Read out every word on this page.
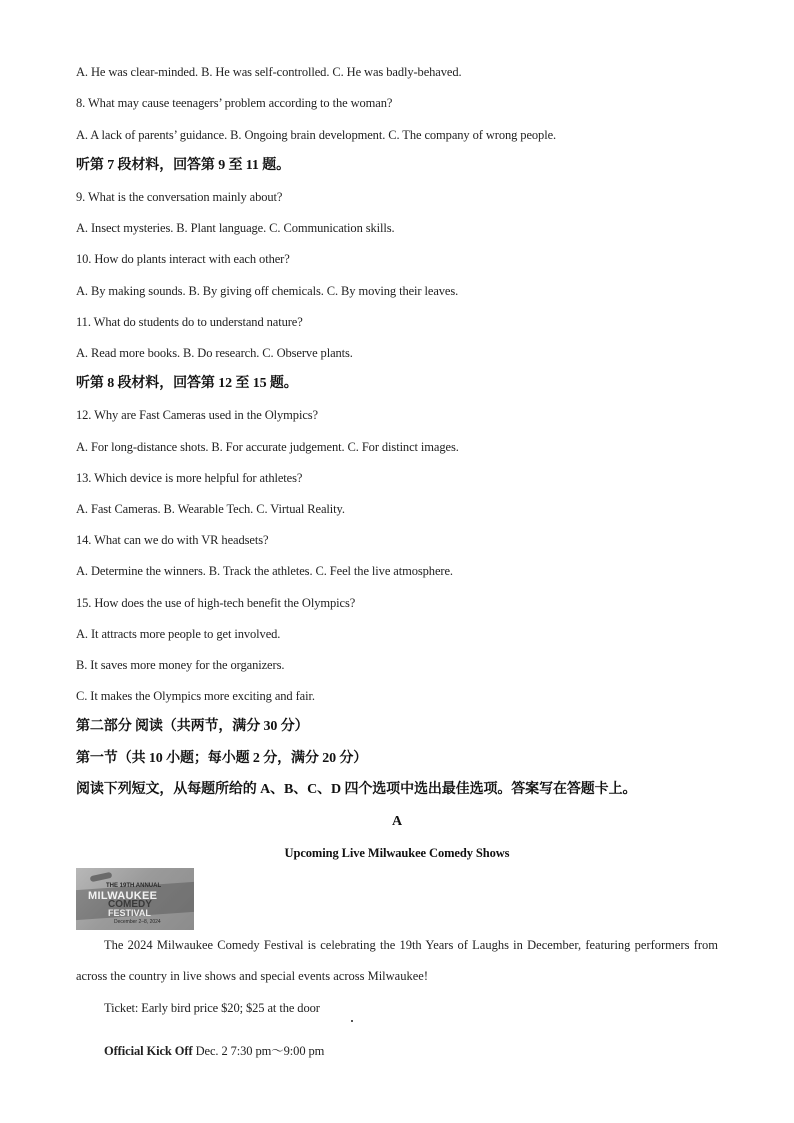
A. He was clear-minded. B. He was self-controlled. C. He was badly-behaved.
8. What may cause teenagers’ problem according to the woman?
A. A lack of parents’ guidance. B. Ongoing brain development. C. The company of wrong people.
听第 7 段材料，回答第 9 至 11 题。
9. What is the conversation mainly about?
A. Insect mysteries. B. Plant language. C. Communication skills.
10. How do plants interact with each other?
A. By making sounds. B. By giving off chemicals. C. By moving their leaves.
11. What do students do to understand nature?
A. Read more books. B. Do research. C. Observe plants.
听第 8 段材料，回答第 12 至 15 题。
12. Why are Fast Cameras used in the Olympics?
A. For long-distance shots. B. For accurate judgement. C. For distinct images.
13. Which device is more helpful for athletes?
A. Fast Cameras. B. Wearable Tech. C. Virtual Reality.
14. What can we do with VR headsets?
A. Determine the winners. B. Track the athletes. C. Feel the live atmosphere.
15. How does the use of high-tech benefit the Olympics?
A. It attracts more people to get involved.
B. It saves more money for the organizers.
C. It makes the Olympics more exciting and fair.
第二部分 阅读（共两节，满分 30 分）
第一节（共 10 小题；每小题 2 分，满分 20 分）
阅读下列短文，从每题所给的 A、B、C、D 四个选项中选出最佳选项。答案写在答题卡上。
A
Upcoming Live Milwaukee Comedy Shows
THE 19TH ANNUAL
MILWAUKEE
COMEDY
FESTIVAL
December 2–8, 2024
The 2024 Milwaukee Comedy Festival is celebrating the 19th Years of Laughs in December, featuring performers from across the country in live shows and special events across Milwaukee!
Ticket: Early bird price $20; $25 at the door
Official Kick Off Dec. 2 7:30 pm～9:00 pm
